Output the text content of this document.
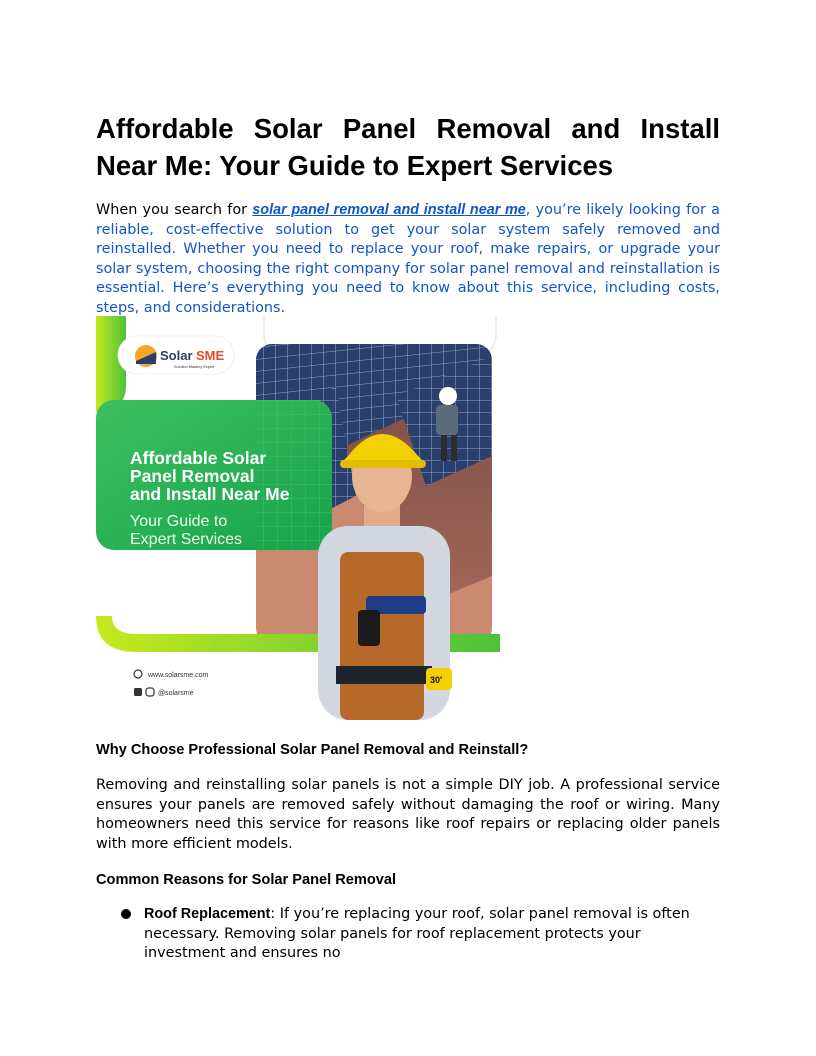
Affordable Solar Panel Removal and Install Near Me: Your Guide to Expert Services

When you search for solar panel removal and install near me, you’re likely looking for a reliable, cost-effective solution to get your solar system safely removed and reinstalled. Whether you need to replace your roof, make repairs, or upgrade your solar system, choosing the right company for solar panel removal and reinstallation is essential. Here’s everything you need to know about this service, including costs, steps, and considerations.

Solar SME
Solution Mastery Expert
Affordable Solar
Panel Removal
and Install Near Me
Your Guide to
Expert Services
30'
www.solarsme.com
@solarsme
Why Choose Professional Solar Panel Removal and Reinstall?

Removing and reinstalling solar panels is not a simple DIY job. A professional service ensures your panels are removed safely without damaging the roof or wiring. Many homeowners need this service for reasons like roof repairs or replacing older panels with more efficient models.

Common Reasons for Solar Panel Removal
Roof Replacement: If you’re replacing your roof, solar panel removal is often necessary. Removing solar panels for roof replacement protects your investment and ensures no
